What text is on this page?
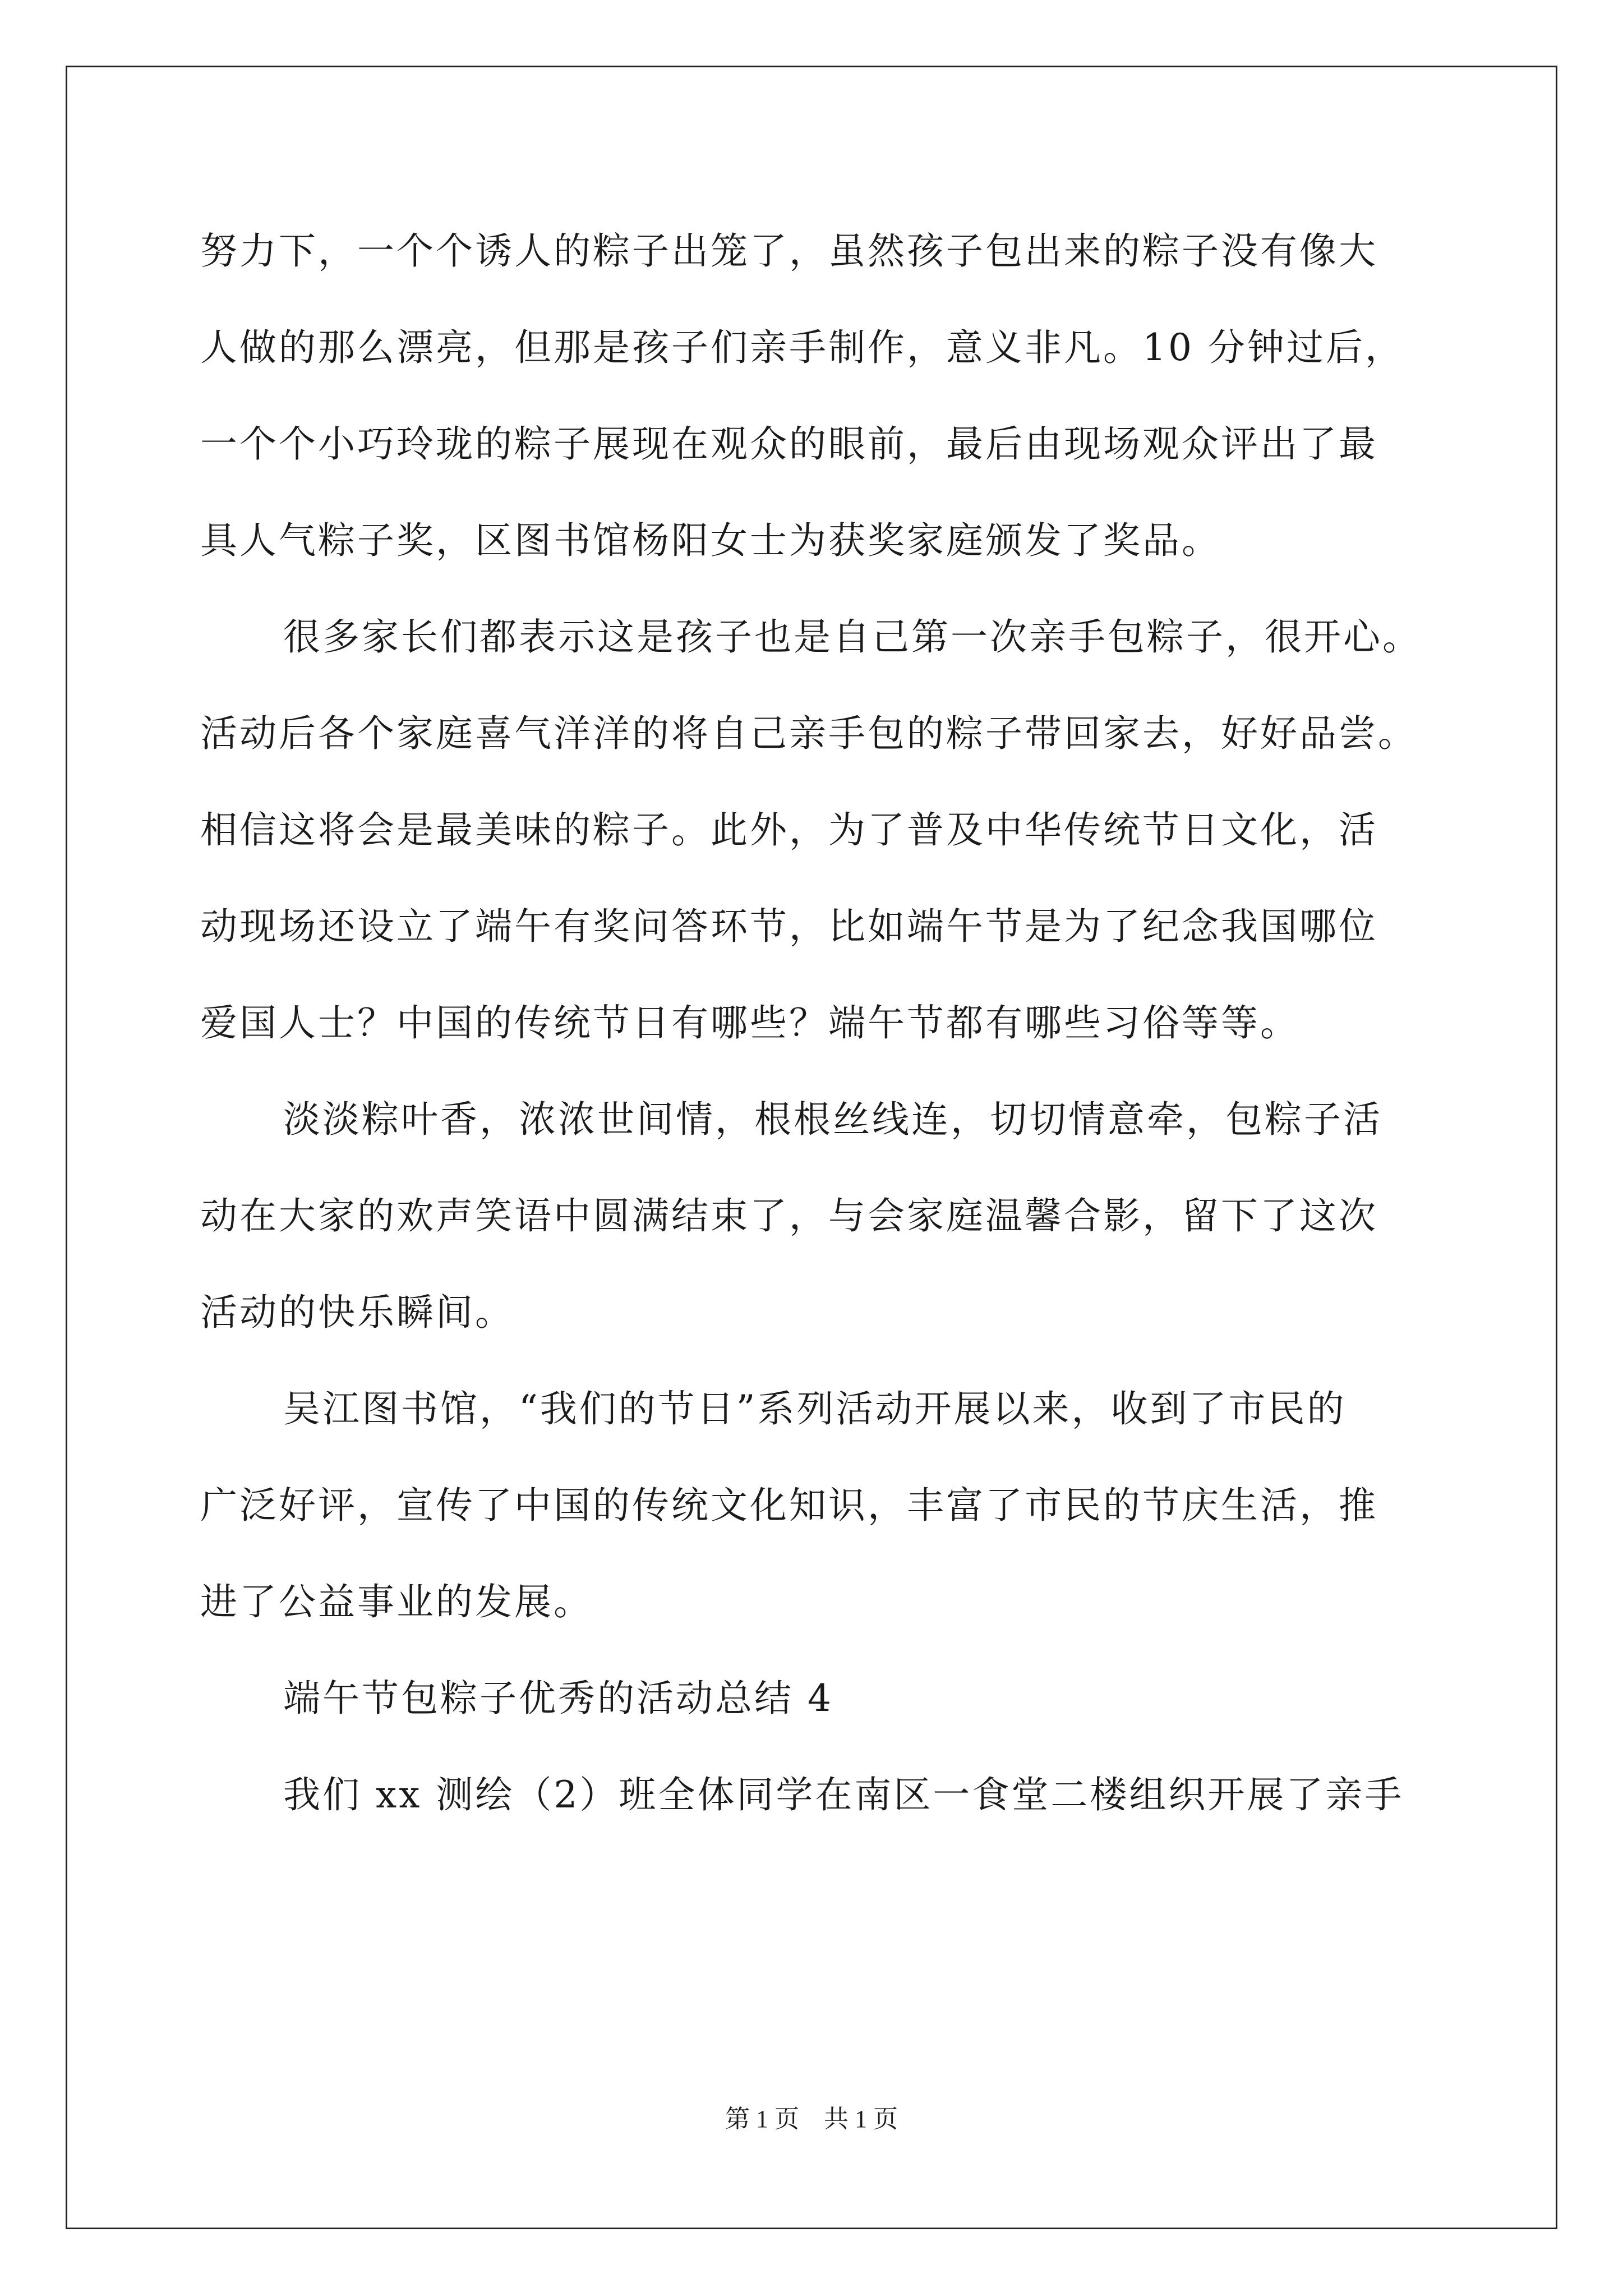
努力下，一个个诱人的粽子出笼了，虽然孩子包出来的粽子没有像大
人做的那么漂亮，但那是孩子们亲手制作，意义非凡。10 分钟过后，
一个个小巧玲珑的粽子展现在观众的眼前，最后由现场观众评出了最
具人气粽子奖，区图书馆杨阳女士为获奖家庭颁发了奖品。
很多家长们都表示这是孩子也是自己第一次亲手包粽子，很开心。
活动后各个家庭喜气洋洋的将自己亲手包的粽子带回家去，好好品尝。
相信这将会是最美味的粽子。此外，为了普及中华传统节日文化，活
动现场还设立了端午有奖问答环节，比如端午节是为了纪念我国哪位
爱国人士？中国的传统节日有哪些？端午节都有哪些习俗等等。
淡淡粽叶香，浓浓世间情，根根丝线连，切切情意牵，包粽子活
动在大家的欢声笑语中圆满结束了，与会家庭温馨合影，留下了这次
活动的快乐瞬间。
吴江图书馆，“我们的节日”系列活动开展以来，收到了市民的
广泛好评，宣传了中国的传统文化知识，丰富了市民的节庆生活，推
进了公益事业的发展。
端午节包粽子优秀的活动总结 4
我们 xx 测绘（2）班全体同学在南区一食堂二楼组织开展了亲手
第 1 页　共 1 页
